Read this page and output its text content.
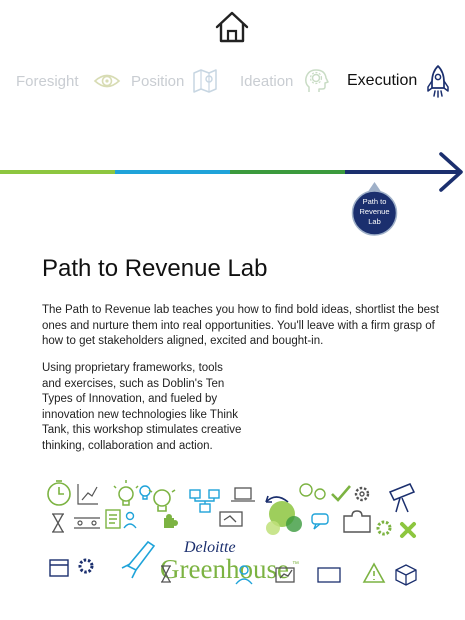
Foresight	Position	Ideation	Execution
Path to
Revenue
Lab
Path to Revenue Lab

The Path to Revenue lab teaches you how to find bold ideas, shortlist the best ones and nurture them into real opportunities. You'll leave with a firm grasp of how to get stakeholders aligned, excited and bought-in.

Using proprietary frameworks, tools and exercises, such as Doblin's Ten Types of Innovation, and fueled by innovation new technologies like Think Tank, this workshop stimulates creative thinking, collaboration and action.

Deloitte
Greenhouse ™
